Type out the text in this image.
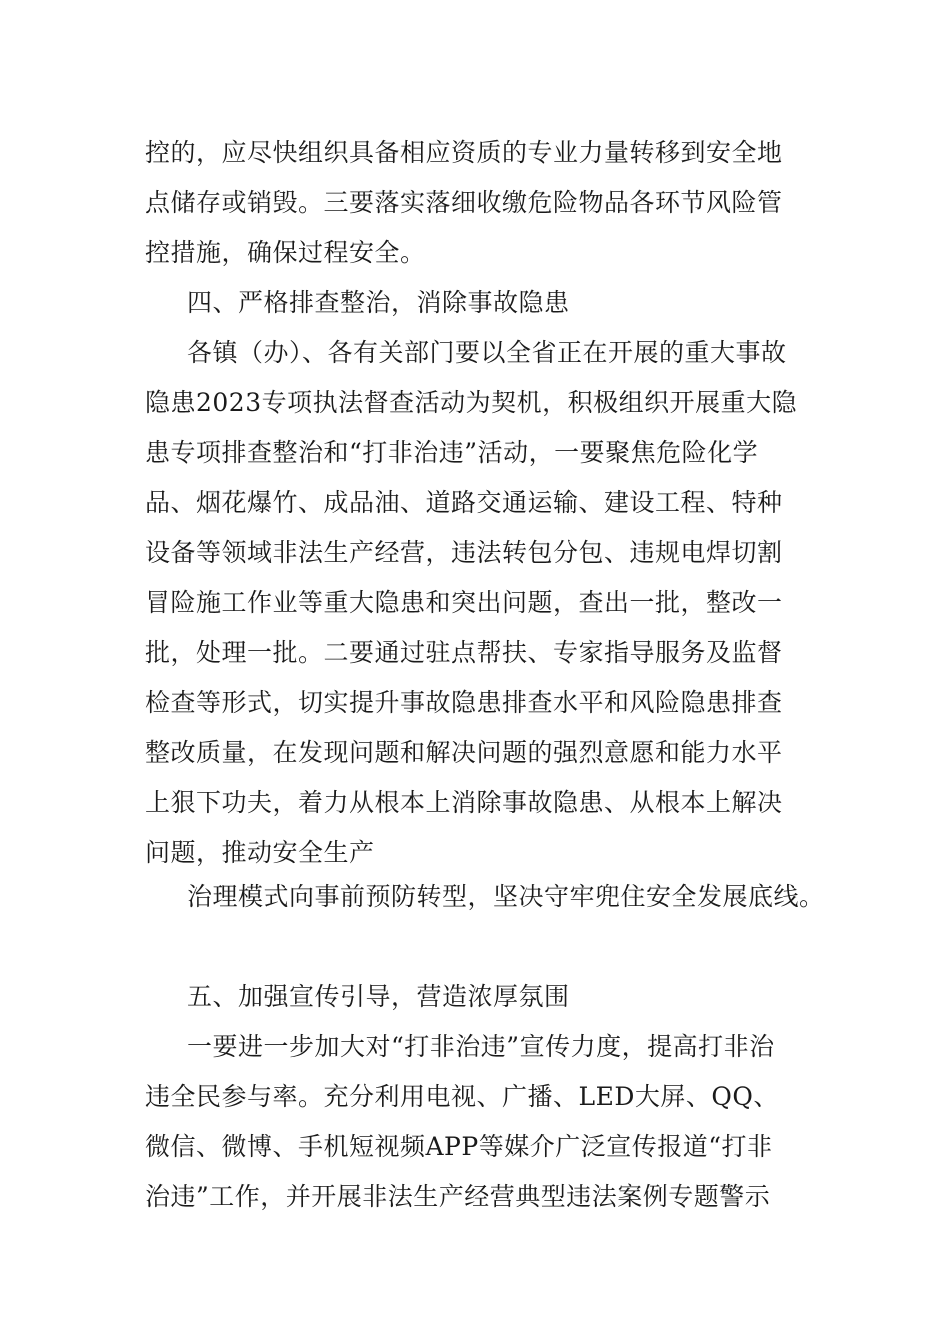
控的，应尽快组织具备相应资质的专业力量转移到安全地
点储存或销毁。三要落实落细收缴危险物品各环节风险管
控措施，确保过程安全。
四、严格排查整治，消除事故隐患
各镇（办）、各有关部门要以全省正在开展的重大事故
隐患2023专项执法督查活动为契机，积极组织开展重大隐
患专项排查整治和“打非治违”活动，一要聚焦危险化学
品、烟花爆竹、成品油、道路交通运输、建设工程、特种
设备等领域非法生产经营，违法转包分包、违规电焊切割
冒险施工作业等重大隐患和突出问题，查出一批，整改一
批，处理一批。二要通过驻点帮扶、专家指导服务及监督
检查等形式，切实提升事故隐患排查水平和风险隐患排查
整改质量，在发现问题和解决问题的强烈意愿和能力水平
上狠下功夫，着力从根本上消除事故隐患、从根本上解决
问题，推动安全生产
治理模式向事前预防转型，坚决守牢兜住安全发展底线。
五、加强宣传引导，营造浓厚氛围
一要进一步加大对“打非治违”宣传力度，提高打非治
违全民参与率。充分利用电视、广播、LED大屏、QQ、
微信、微博、手机短视频APP等媒介广泛宣传报道“打非
治违”工作，并开展非法生产经营典型违法案例专题警示
